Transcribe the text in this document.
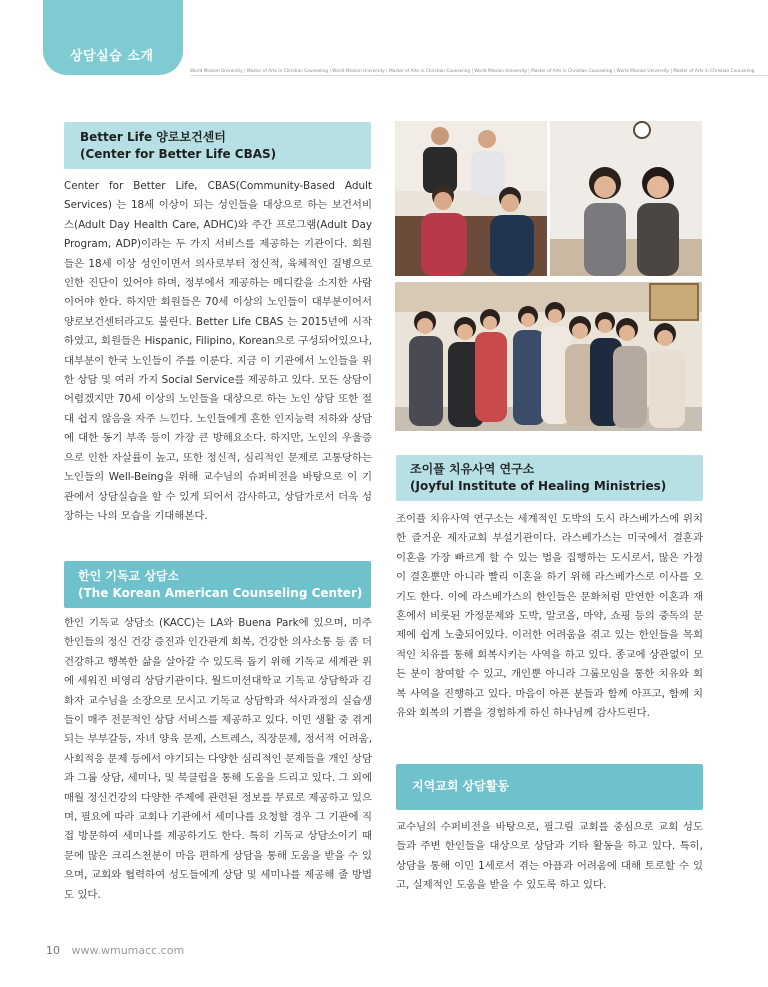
상담실습 소개
World Mission University | Master of Arts in Christian Counseling | World Mission University | Master of Arts in Christian Counseling | World Mission University | Master of Arts in Christian Counseling | World Mission University | Master of Arts in Christian Counseling
Better Life 양로보건센터
(Center for Better Life CBAS)
Center for Better Life, CBAS(Community-Based Adult Services) 는 18세 이상이 되는 성인들을 대상으로 하는 보건서비스(Adult Day Health Care, ADHC)와 주간 프로그램(Adult Day Program, ADP)이라는 두 가지 서비스를 제공하는 기관이다. 회원들은 18세 이상 성인이면서 의사로부터 정신적, 육체적인 질병으로 인한 진단이 있어야 하며, 정부에서 제공하는 메디칼을 소지한 사람이어야 한다. 하지만 회원들은 70세 이상의 노인들이 대부분이어서 양로보건센터라고도 불린다. Better Life CBAS 는 2015년에 시작하였고, 회원들은 Hispanic, Filipino, Korean으로 구성되어있으나, 대부분이 한국 노인들이 주를 이룬다. 지금 이 기관에서 노인들을 위한 상담 및 여러 가지 Social Service를 제공하고 있다. 모든 상담이 어렵겠지만 70세 이상의 노인들을 대상으로 하는 노인 상담 또한 절대 쉽지 않음을 자주 느낀다. 노인들에게 흔한 인지능력 저하와 상담에 대한 동기 부족 등이 가장 큰 방해요소다. 하지만, 노인의 우울증으로 인한 자살률이 높고, 또한 정신적, 심리적인 문제로 고통당하는 노인들의 Well-Being을 위해 교수님의 슈퍼비전을 바탕으로 이 기관에서 상담실습을 할 수 있게 되어서 감사하고, 상담가로서 더욱 성장하는 나의 모습을 기대해본다.
한인 기독교 상담소
(The Korean American Counseling Center)
한인 기독교 상담소 (KACC)는 LA와 Buena Park에 있으며, 미주 한인들의 정신 건강 증진과 인간관계 회복, 건강한 의사소통 등 좀 더 건강하고 행복한 삶을 살아갈 수 있도록 돕기 위해 기독교 세계관 위에 세워진 비영리 상담기관이다. 월드미션대학교 기독교 상담학과 김화자 교수님을 소장으로 모시고 기독교 상담학과 석사과정의 실습생들이 매주 전문적인 상담 서비스를 제공하고 있다. 이민 생활 중 겪게 되는 부부갈등, 자녀 양육 문제, 스트레스, 직장문제, 정서적 어려움, 사회적응 문제 등에서 야기되는 다양한 심리적인 문제들을 개인 상담과 그룹 상담, 세미나, 및 북클럽을 통해 도움을 드리고 있다. 그 외에 매월 정신건강의 다양한 주제에 관련된 정보를 무료로 제공하고 있으며, 필요에 따라 교회나 기관에서 세미나를 요청할 경우 그 기관에 직접 방문하여 세미나를 제공하기도 한다. 특히 기독교 상담소이기 때문에 많은 크리스천분이 마음 편하게 상담을 통해 도움을 받을 수 있으며, 교회와 협력하여 성도들에게 상담 및 세미나를 제공해 줄 방법도 있다.
조이플 치유사역 연구소
(Joyful Institute of Healing Ministries)
조이플 치유사역 연구소는 세계적인 도박의 도시 라스베가스에 위치한 즐거운 제자교회 부설기관이다. 라스베가스는 미국에서 결혼과 이혼을 가장 빠르게 할 수 있는 법을 집행하는 도시로서, 많은 가정이 결혼뿐만 아니라 빨리 이혼을 하기 위해 라스베가스로 이사를 오기도 한다. 이에 라스베가스의 한인들은 문화처럼 만연한 이혼과 재혼에서 비롯된 가정문제와 도박, 알코올, 마약, 쇼핑 등의 중독의 문제에 쉽게 노출되어있다. 이러한 어려움을 겪고 있는 한인들을 목회적인 치유를 통해 회복시키는 사역을 하고 있다. 종교에 상관없이 모든 분이 참여할 수 있고, 개인뿐 아니라 그룹모임을 통한 치유와 회복 사역을 진행하고 있다. 마음이 아픈 분들과 함께 아프고, 함께 치유와 회복의 기쁨을 경험하게 하신 하나님께 감사드린다.
지역교회 상담활동
교수님의 수퍼비전을 바탕으로, 필그림 교회를 중심으로 교회 성도들과 주변 한인들을 대상으로 상담과 기타 활동을 하고 있다. 특히, 상담을 통해 이민 1세로서 겪는 아픔과 어려움에 대해 토로할 수 있고, 실제적인 도움을 받을 수 있도록 하고 있다.
10 www.wmumacc.com
